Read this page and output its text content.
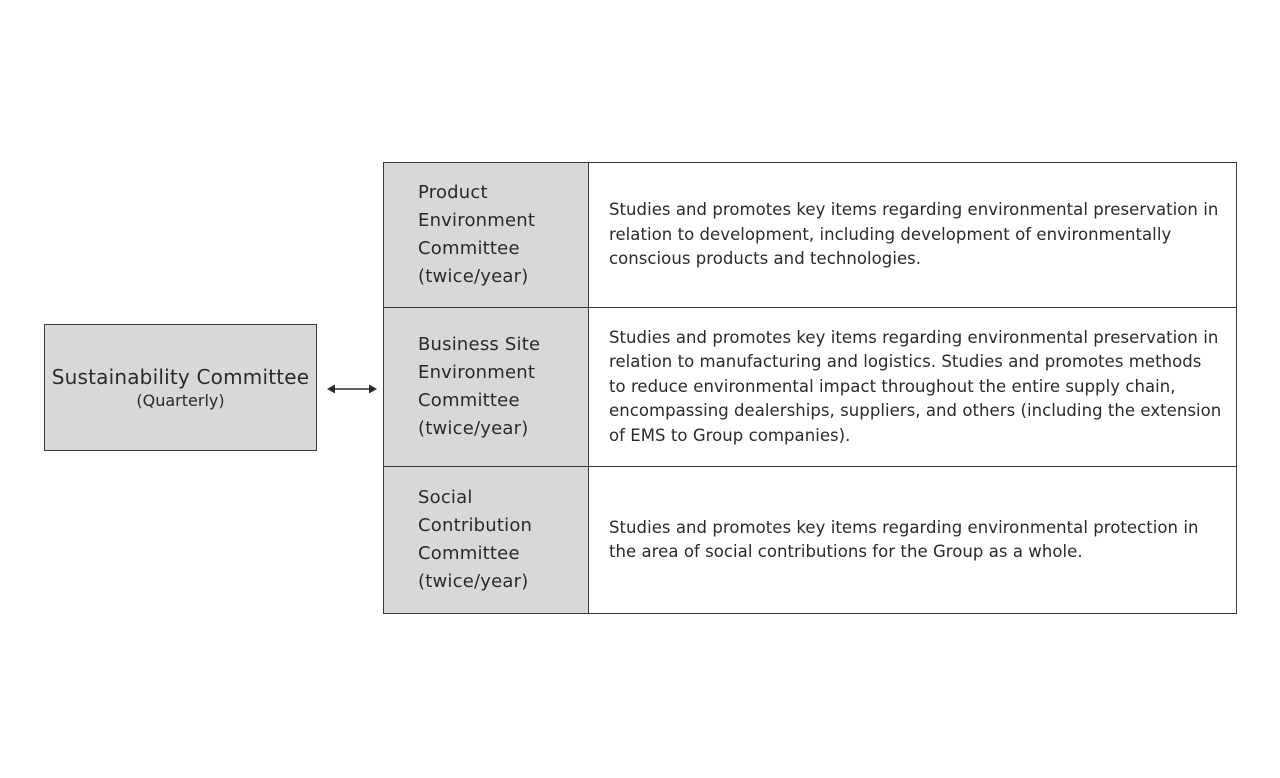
Sustainability Committee
(Quarterly)
Product
Environment
Committee
(twice/year)
Studies and promotes key items regarding environmental preservation in relation to development, including development of environmentally conscious products and technologies.
Business Site
Environment
Committee
(twice/year)
Studies and promotes key items regarding environmental preservation in relation to manufacturing and logistics. Studies and promotes methods to reduce environmental impact throughout the entire supply chain, encompassing dealerships, suppliers, and others (including the extension of EMS to Group companies).
Social
Contribution
Committee
(twice/year)
Studies and promotes key items regarding environmental protection in the area of social contributions for the Group as a whole.
